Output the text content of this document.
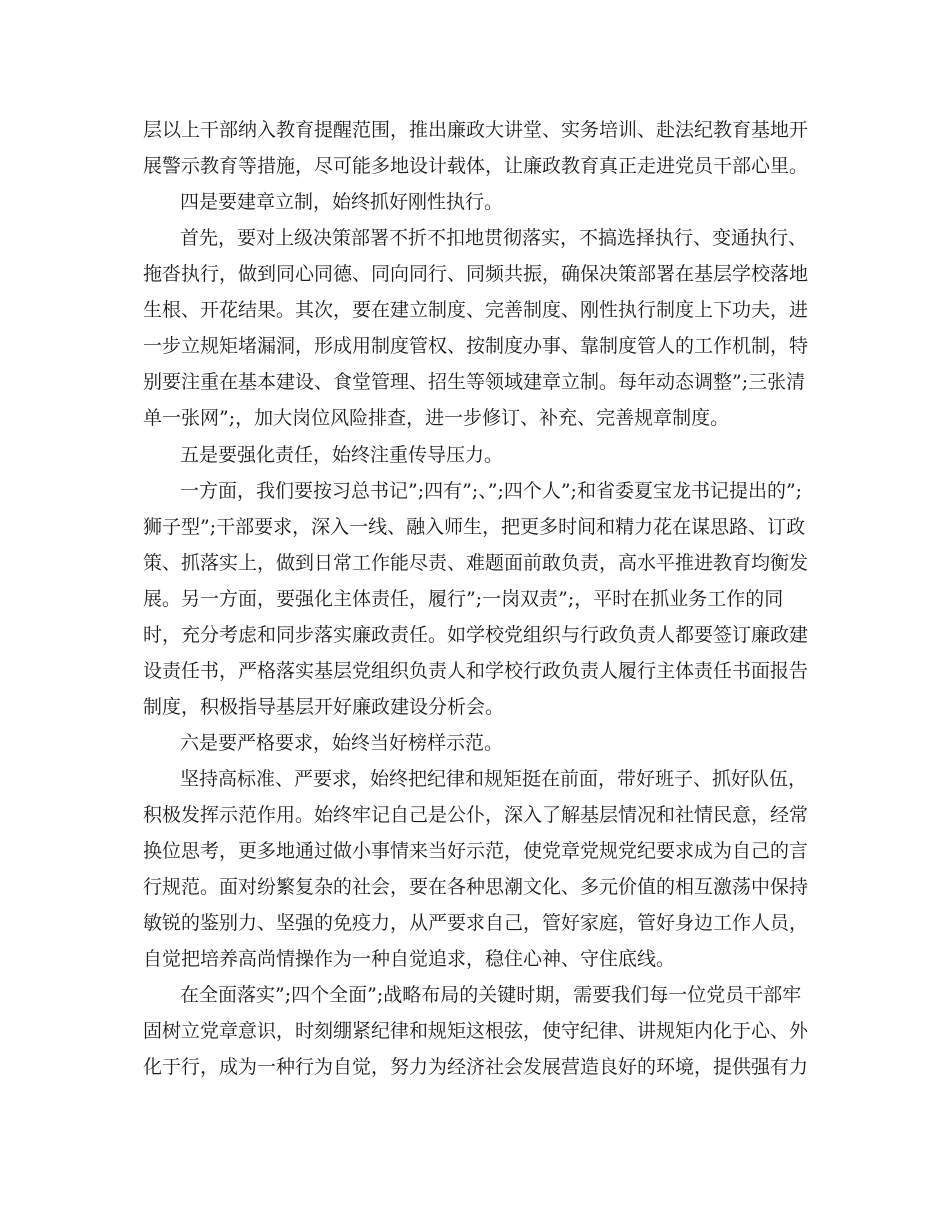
层以上干部纳入教育提醒范围，推出廉政大讲堂、实务培训、赴法纪教育基地开
展警示教育等措施，尽可能多地设计载体，让廉政教育真正走进党员干部心里。
四是要建章立制，始终抓好刚性执行。
首先，要对上级决策部署不折不扣地贯彻落实，不搞选择执行、变通执行、
拖沓执行，做到同心同德、同向同行、同频共振，确保决策部署在基层学校落地
生根、开花结果。其次，要在建立制度、完善制度、刚性执行制度上下功夫，进
一步立规矩堵漏洞，形成用制度管权、按制度办事、靠制度管人的工作机制，特
别要注重在基本建设、食堂管理、招生等领域建章立制。每年动态调整”;三张清
单一张网”;，加大岗位风险排查，进一步修订、补充、完善规章制度。
五是要强化责任，始终注重传导压力。
一方面，我们要按习总书记”;四有”;、”;四个人”;和省委夏宝龙书记提出的”;
狮子型”;干部要求，深入一线、融入师生，把更多时间和精力花在谋思路、订政
策、抓落实上，做到日常工作能尽责、难题面前敢负责，高水平推进教育均衡发
展。另一方面，要强化主体责任，履行”;一岗双责”;，平时在抓业务工作的同
时，充分考虑和同步落实廉政责任。如学校党组织与行政负责人都要签订廉政建
设责任书，严格落实基层党组织负责人和学校行政负责人履行主体责任书面报告
制度，积极指导基层开好廉政建设分析会。
六是要严格要求，始终当好榜样示范。
坚持高标准、严要求，始终把纪律和规矩挺在前面，带好班子、抓好队伍，
积极发挥示范作用。始终牢记自己是公仆，深入了解基层情况和社情民意，经常
换位思考，更多地通过做小事情来当好示范，使党章党规党纪要求成为自己的言
行规范。面对纷繁复杂的社会，要在各种思潮文化、多元价值的相互激荡中保持
敏锐的鉴别力、坚强的免疫力，从严要求自己，管好家庭，管好身边工作人员，
自觉把培养高尚情操作为一种自觉追求，稳住心神、守住底线。
在全面落实”;四个全面”;战略布局的关键时期，需要我们每一位党员干部牢
固树立党章意识，时刻绷紧纪律和规矩这根弦，使守纪律、讲规矩内化于心、外
化于行，成为一种行为自觉，努力为经济社会发展营造良好的环境，提供强有力
